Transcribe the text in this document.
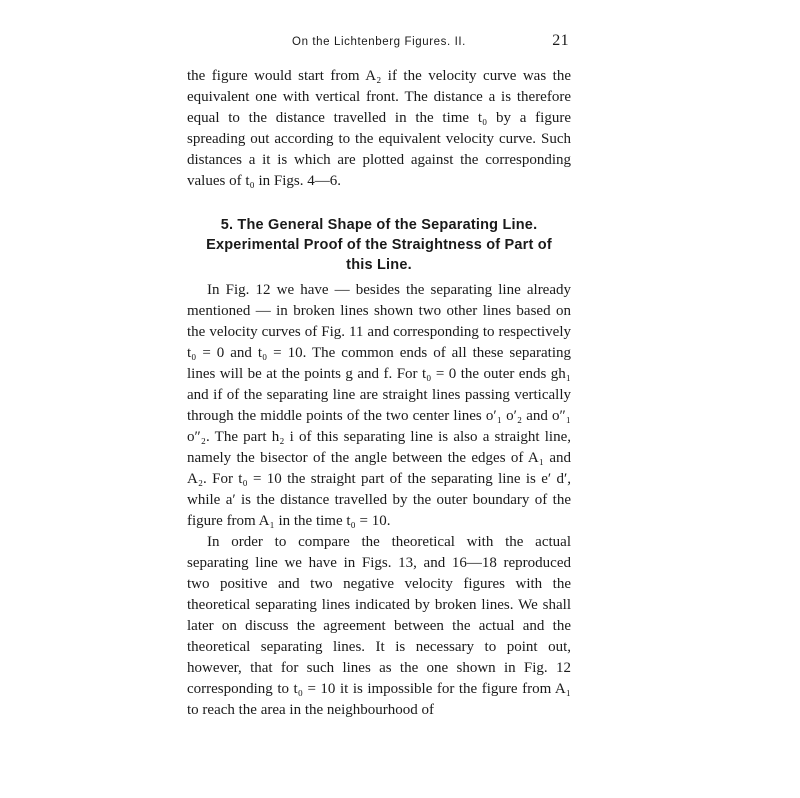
On the Lichtenberg Figures. II.	21

the figure would start from A₂ if the velocity curve was the equivalent one with vertical front. The distance a is therefore equal to the distance travelled in the time t₀ by a figure spreading out according to the equivalent velocity curve. Such distances a it is which are plotted against the corresponding values of t₀ in Figs. 4—6.

5. The General Shape of the Separating Line.
Experimental Proof of the Straightness of Part of
this Line.

In Fig. 12 we have — besides the separating line already mentioned — in broken lines shown two other lines based on the velocity curves of Fig. 11 and corresponding to respectively t₀ = 0 and t₀ = 10. The common ends of all these separating lines will be at the points g and f. For t₀ = 0 the outer ends gh₁ and if of the separating line are straight lines passing vertically through the middle points of the two center lines o′₁ o′₂ and o″₁ o″₂. The part h₂ i of this separating line is also a straight line, namely the bisector of the angle between the edges of A₁ and A₂. For t₀ = 10 the straight part of the separating line is e′ d′, while a′ is the distance travelled by the outer boundary of the figure from A₁ in the time t₀ = 10.

In order to compare the theoretical with the actual separating line we have in Figs. 13, and 16—18 reproduced two positive and two negative velocity figures with the theoretical separating lines indicated by broken lines. We shall later on discuss the agreement between the actual and the theoretical separating lines. It is necessary to point out, however, that for such lines as the one shown in Fig. 12 corresponding to t₀ = 10 it is impossible for the figure from A₁ to reach the area in the neighbourhood of
